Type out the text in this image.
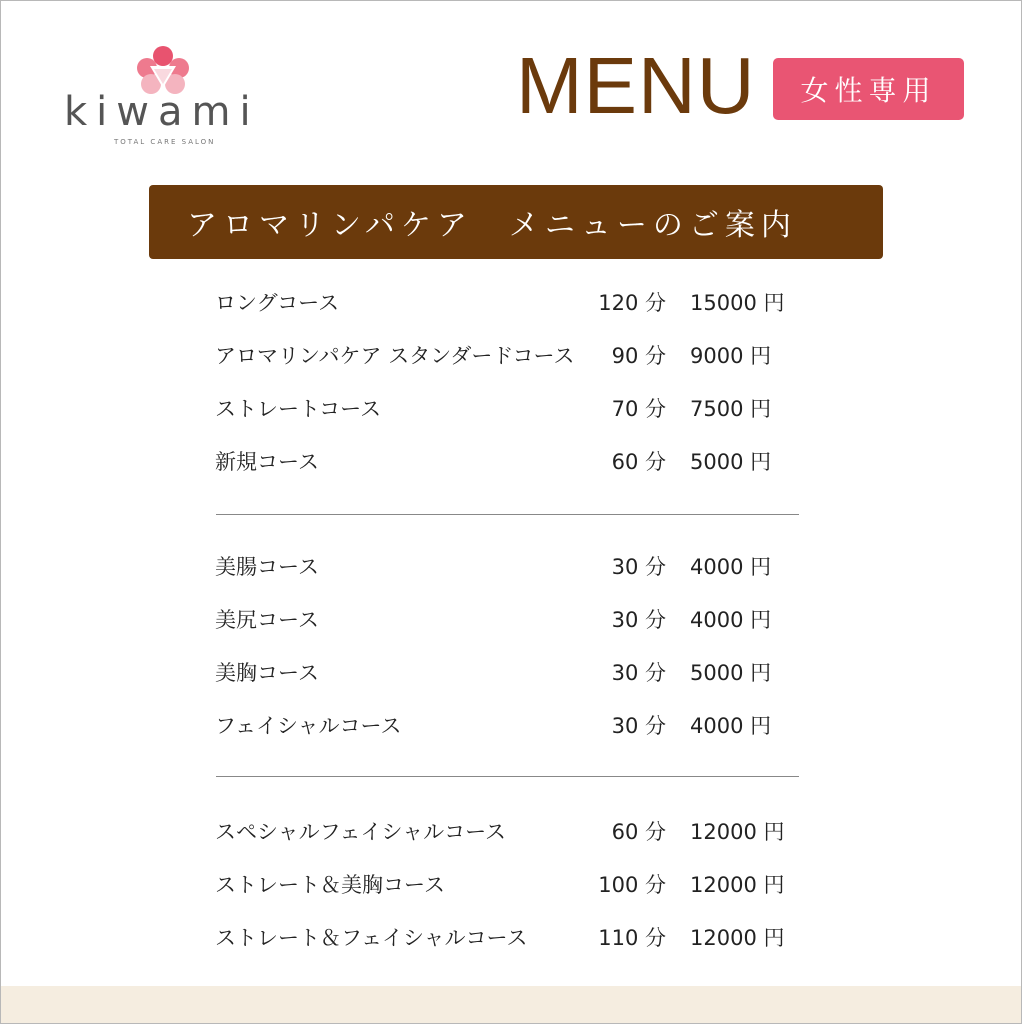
kiwami
TOTAL CARE SALON
MENU	女性専用
アロマリンパケア　メニューのご案内
ロングコース	120 分 15000 円
アロマリンパケア スタンダードコース 90 分 9000 円
ストレートコース	70 分 7500 円
新規コース	60 分 5000 円
美腸コース	30 分 4000 円
美尻コース	30 分 4000 円
美胸コース	30 分 5000 円
フェイシャルコース	30 分 4000 円
スペシャルフェイシャルコース	60 分 12000 円
ストレート＆美胸コース	100 分 12000 円
ストレート＆フェイシャルコース	110 分 12000 円
